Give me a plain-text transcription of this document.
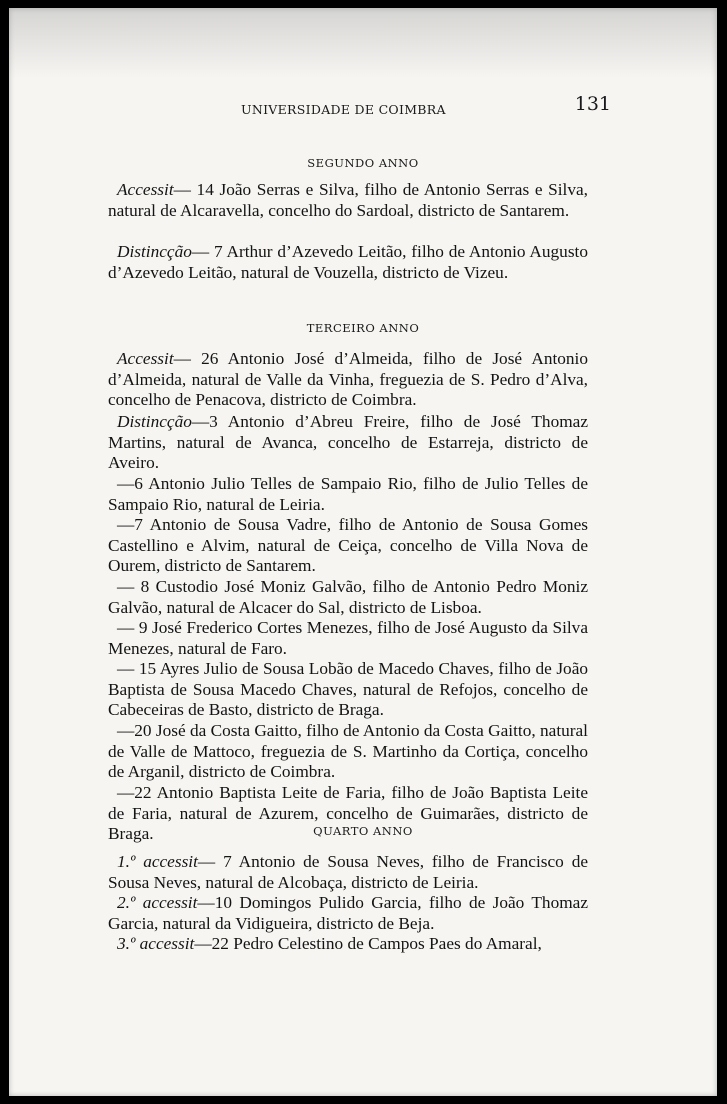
UNIVERSIDADE DE COIMBRA	131
SEGUNDO ANNO

Accessit— 14 João Serras e Silva, filho de Antonio Serras e Silva, natural de Alcaravella, concelho do Sardoal, districto de Santarem.

Distincção— 7 Arthur d’Azevedo Leitão, filho de Antonio Augusto d’Azevedo Leitão, natural de Vouzella, districto de Vizeu.

TERCEIRO ANNO

Accessit— 26 Antonio José d’Almeida, filho de José Antonio d’Almeida, natural de Valle da Vinha, freguezia de S. Pedro d’Alva, concelho de Penacova, districto de Coimbra.

Distincção—3 Antonio d’Abreu Freire, filho de José Thomaz Martins, natural de Avanca, concelho de Estarreja, districto de Aveiro.

—6 Antonio Julio Telles de Sampaio Rio, filho de Julio Telles de Sampaio Rio, natural de Leiria.

—7 Antonio de Sousa Vadre, filho de Antonio de Sousa Gomes Castellino e Alvim, natural de Ceiça, concelho de Villa Nova de Ourem, districto de Santarem.

— 8 Custodio José Moniz Galvão, filho de Antonio Pedro Moniz Galvão, natural de Alcacer do Sal, districto de Lisboa.

— 9 José Frederico Cortes Menezes, filho de José Augusto da Silva Menezes, natural de Faro.

— 15 Ayres Julio de Sousa Lobão de Macedo Chaves, filho de João Baptista de Sousa Macedo Chaves, natural de Refojos, concelho de Cabeceiras de Basto, districto de Braga.

—20 José da Costa Gaitto, filho de Antonio da Costa Gaitto, natural de Valle de Mattoco, freguezia de S. Martinho da Cortiça, concelho de Arganil, districto de Coimbra.

—22 Antonio Baptista Leite de Faria, filho de João Baptista Leite de Faria, natural de Azurem, concelho de Guimarães, districto de Braga.	QUARTO ANNO

1.º accessit— 7 Antonio de Sousa Neves, filho de Francisco de Sousa Neves, natural de Alcobaça, districto de Leiria.

2.º accessit—10 Domingos Pulido Garcia, filho de João Thomaz Garcia, natural da Vidigueira, districto de Beja.

3.º accessit—22 Pedro Celestino de Campos Paes do Amaral,
